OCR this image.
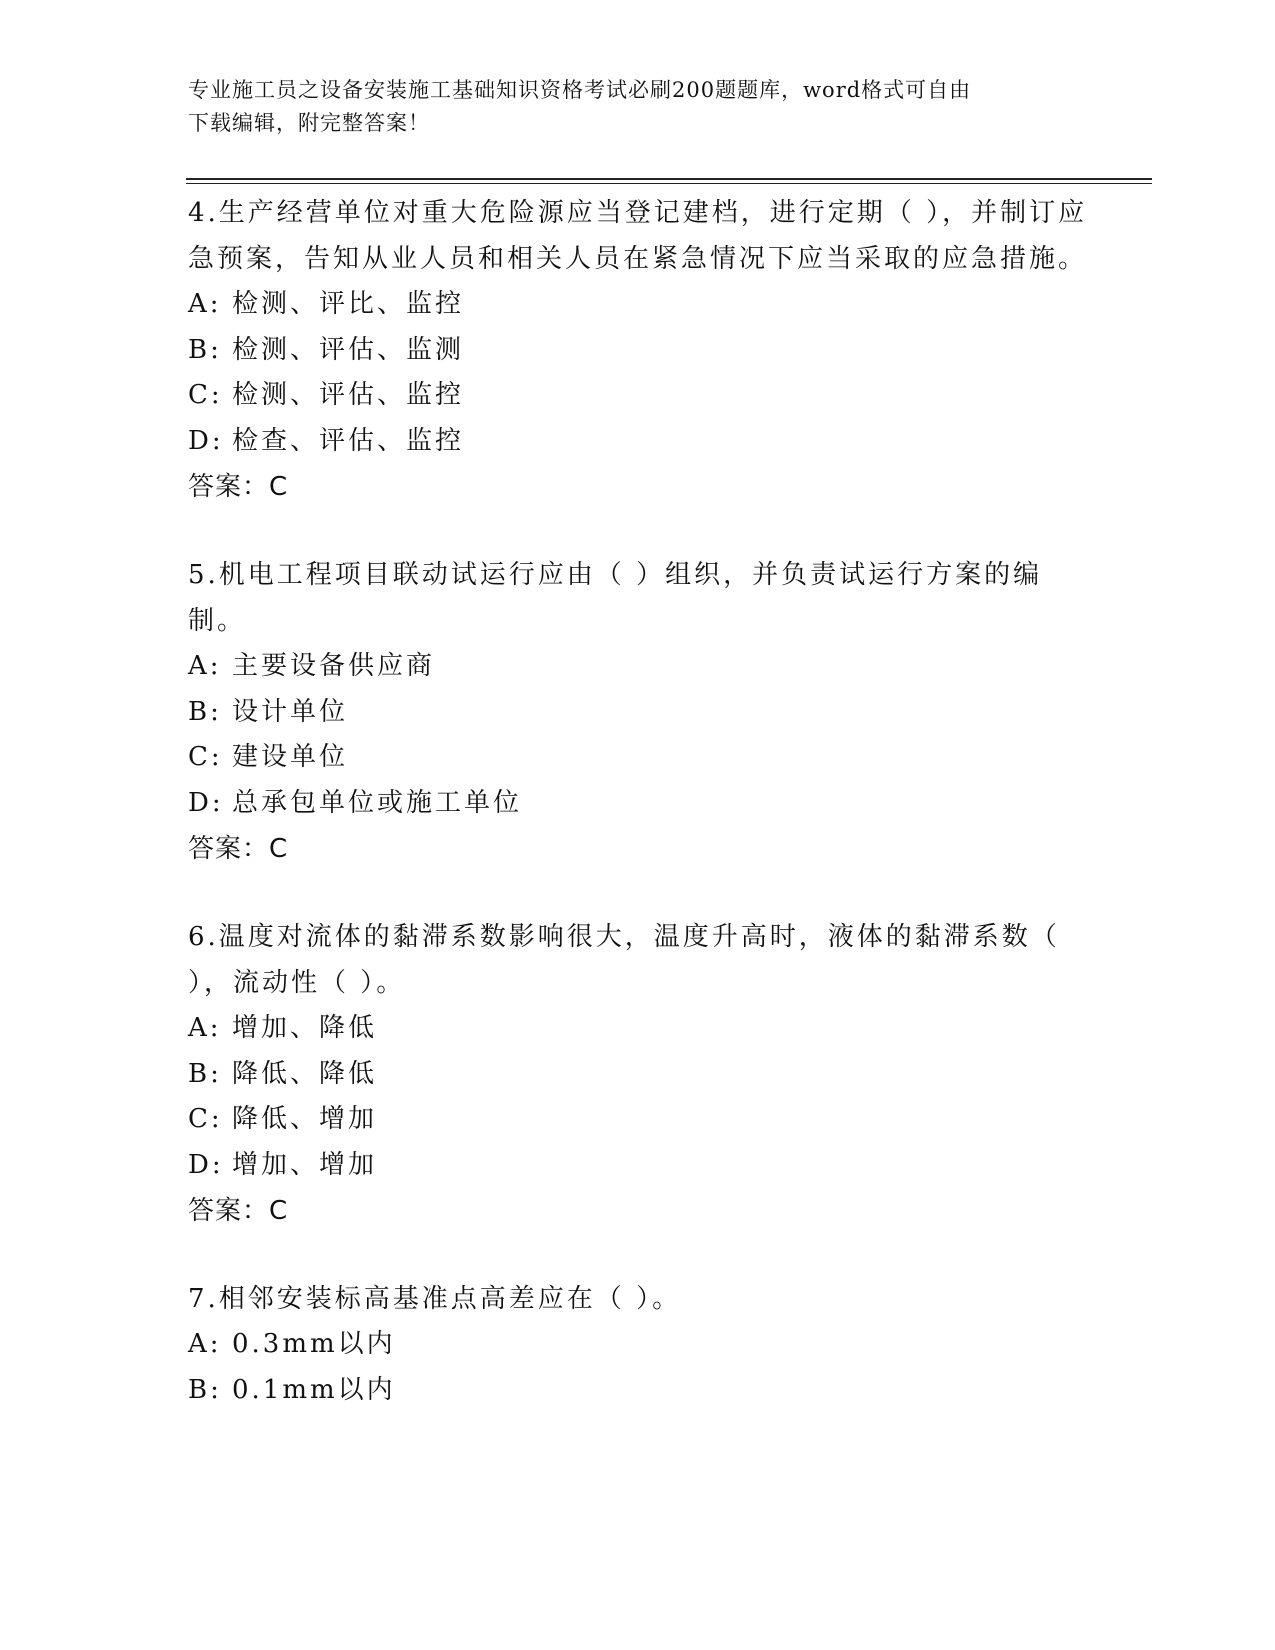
专业施工员之设备安装施工基础知识资格考试必刷200题题库，word格式可自由
下载编辑，附完整答案！
4.生产经营单位对重大危险源应当登记建档，进行定期（ ），并制订应急预案，告知从业人员和相关人员在紧急情况下应当采取的应急措施。
A: 检测、评比、监控
B: 检测、评估、监测
C: 检测、评估、监控
D: 检查、评估、监控
答案：C
5.机电工程项目联动试运行应由（ ）组织，并负责试运行方案的编制。
A: 主要设备供应商
B: 设计单位
C: 建设单位
D: 总承包单位或施工单位
答案：C
6.温度对流体的黏滞系数影响很大，温度升高时，液体的黏滞系数（ ），流动性（ ）。
A: 增加、降低
B: 降低、降低
C: 降低、增加
D: 增加、增加
答案：C
7.相邻安装标高基准点高差应在（ ）。
A: 0.3mm以内
B: 0.1mm以内
